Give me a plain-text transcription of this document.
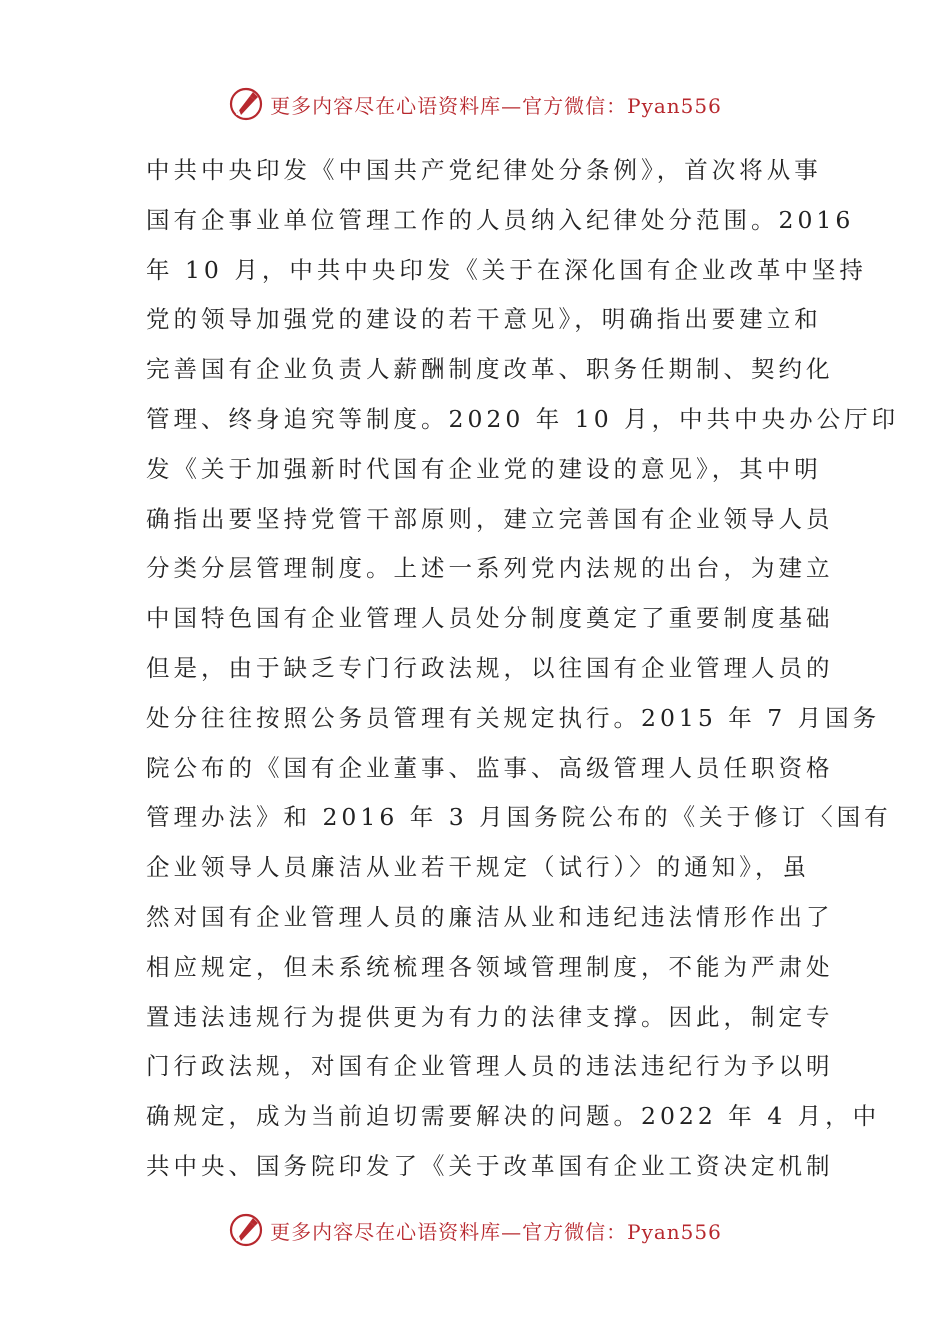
更多内容尽在心语资料库—官方微信：Pyan556
中共中央印发《中国共产党纪律处分条例》，首次将从事
国有企事业单位管理工作的人员纳入纪律处分范围。2016
年 10 月，中共中央印发《关于在深化国有企业改革中坚持
党的领导加强党的建设的若干意见》，明确指出要建立和
完善国有企业负责人薪酬制度改革、职务任期制、契约化
管理、终身追究等制度。2020 年 10 月，中共中央办公厅印
发《关于加强新时代国有企业党的建设的意见》，其中明
确指出要坚持党管干部原则，建立完善国有企业领导人员
分类分层管理制度。上述一系列党内法规的出台，为建立
中国特色国有企业管理人员处分制度奠定了重要制度基础
但是，由于缺乏专门行政法规，以往国有企业管理人员的
处分往往按照公务员管理有关规定执行。2015 年 7 月国务
院公布的《国有企业董事、监事、高级管理人员任职资格
管理办法》和 2016 年 3 月国务院公布的《关于修订〈国有
企业领导人员廉洁从业若干规定（试行）〉的通知》，虽
然对国有企业管理人员的廉洁从业和违纪违法情形作出了
相应规定，但未系统梳理各领域管理制度，不能为严肃处
置违法违规行为提供更为有力的法律支撑。因此，制定专
门行政法规，对国有企业管理人员的违法违纪行为予以明
确规定，成为当前迫切需要解决的问题。2022 年 4 月，中
共中央、国务院印发了《关于改革国有企业工资决定机制
更多内容尽在心语资料库—官方微信：Pyan556
